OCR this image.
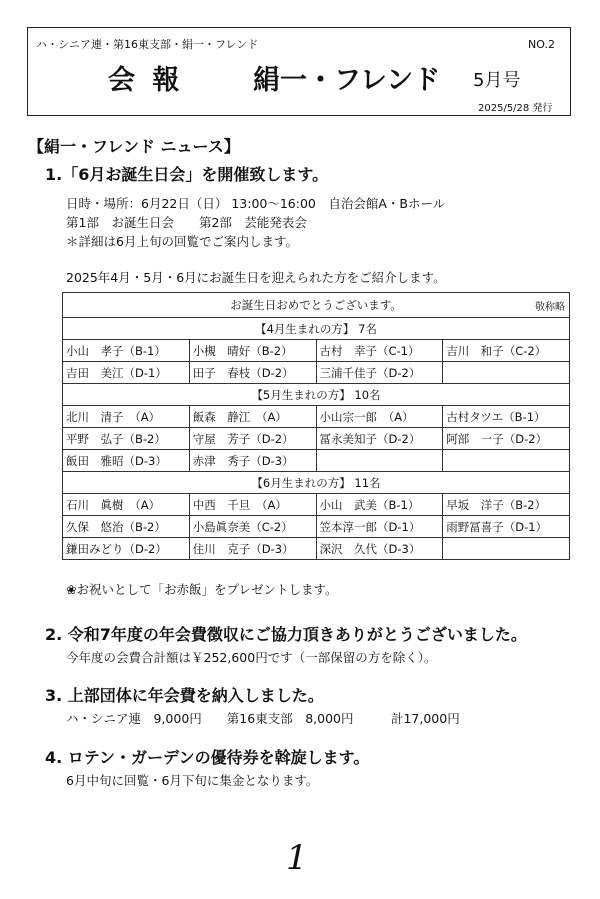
ハ・シニア連・第16東支部・絹一・フレンド	NO.2
会 報	絹一・フレンド 5月号
2025/5/28 発行
【絹一・フレンド ニュース】
1.「6月お誕生日会」を開催致します。
日時・場所：6月22日（日） 13:00～16:00　自治会館A・Bホール
第1部　お誕生日会　　第2部　芸能発表会
＊詳細は6月上旬の回覧でご案内します。
2025年4月・5月・6月にお誕生日を迎えられた方をご紹介します。
お誕生日おめでとうございます。 敬称略			

【4月生まれの方】 7名			
小山　孝子（B-1）	小槻　晴好（B-2）	古村　幸子（C-1）	吉川　和子（C-2）
吉田　美江（D-1）	田子　春枝（D-2）	三浦千佳子（D-2）	
【5月生まれの方】 10名			
北川　清子　（A）	飯森　静江　（A）	小山宗一郎　（A）	古村タツエ（B-1）
平野　弘子（B-2）	守屋　芳子（D-2）	冨永美知子（D-2）	阿部　一子（D-2）
飯田　雅昭（D-3）	赤津　秀子（D-3）		
【6月生まれの方】 11名			
石川　眞樹　（A）	中西　千旦　（A）	小山　武美（B-1）	早坂　洋子（B-2）
久保　悠治（B-2）	小島眞奈美（C-2）	笠本淳一郎（D-1）	雨野冨喜子（D-1）
鎌田みどり（D-2）	住川　克子（D-3）	深沢　久代（D-3）	
❀お祝いとして「お赤飯」をプレゼントします。
2. 令和7年度の年会費徴収にご協力頂きありがとうございました。
今年度の会費合計額は￥252,600円です（一部保留の方を除く）。
3. 上部団体に年会費を納入しました。
ハ・シニア連　9,000円　　第16東支部　8,000円　　　計17,000円
4. ロテン・ガーデンの優待券を斡旋します。
6月中旬に回覧・6月下旬に集金となります。
1
